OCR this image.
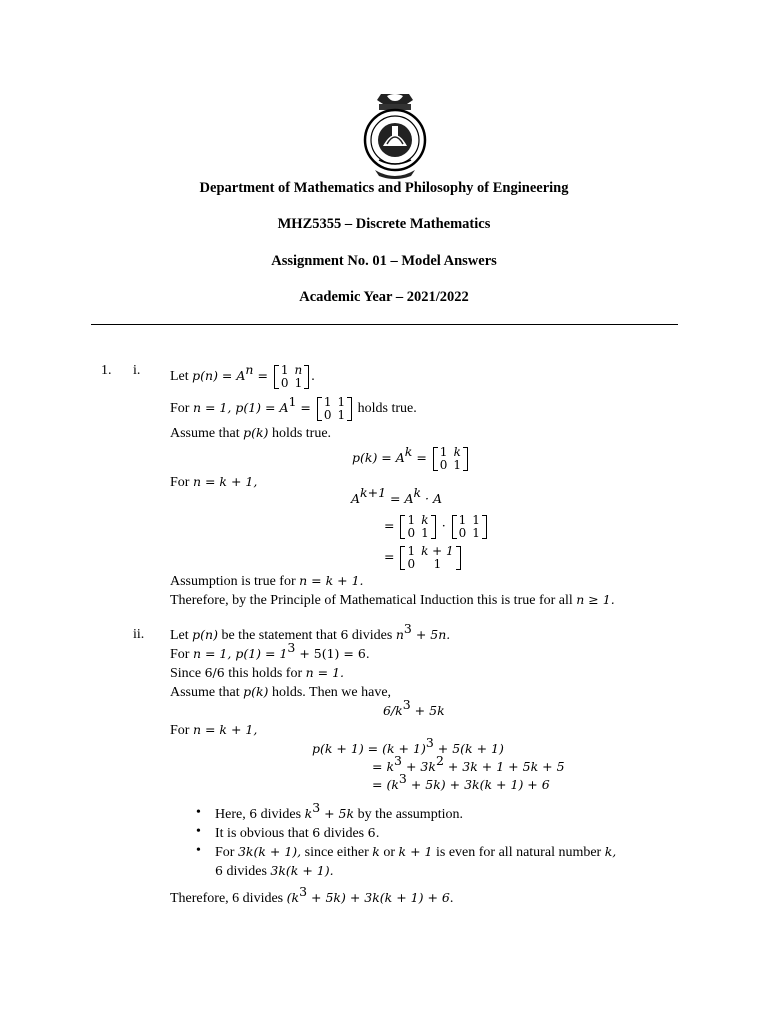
Department of Mathematics and Philosophy of Engineering
MHZ5355 – Discrete Mathematics
Assignment No. 01 – Model Answers
Academic Year – 2021/2022
1. i. Let $p(n) = A^n = 1$	n
0	1 .
For n = 1, $p(1) = A^1 = 1$	1
0	1 holds true.
Assume that p(k) holds true.
$p(k) = A^k = 1$	k
0	1
For n = k + 1,
$A^{k+1} = A^k \cdot A$
= 1	k
0	1 · 1	1
0	1
= 1	k + 1
0	1
Assumption is true for n = k + 1.
Therefore, by the Principle of Mathematical Induction this is true for all n ≥ 1.
ii. Let p(n) be the statement that 6 divides $n^3 + 5n$.
For n = 1, $p(1) = 1^3 + 5(1) = 6$.
Since 6/6 this holds for n = 1.
Assume that p(k) holds. Then we have,
$6/k^3 + 5k$
For n = k + 1,
$p(k + 1) = (k + 1)^3 + 5(k + 1)$
= $k^3 + 3k^2 + 3k + 1 + 5k + 5$
= $(k^3 + 5k) + 3k(k + 1) + 6$
• Here, 6 divides $k^3 + 5k$ by the assumption.
• It is obvious that 6 divides 6.
• For 3k(k + 1), since either k or k + 1 is even for all natural number k,
6 divides 3k(k + 1).
Therefore, 6 divides $(k^3 + 5k) + 3k(k + 1) + 6$.
